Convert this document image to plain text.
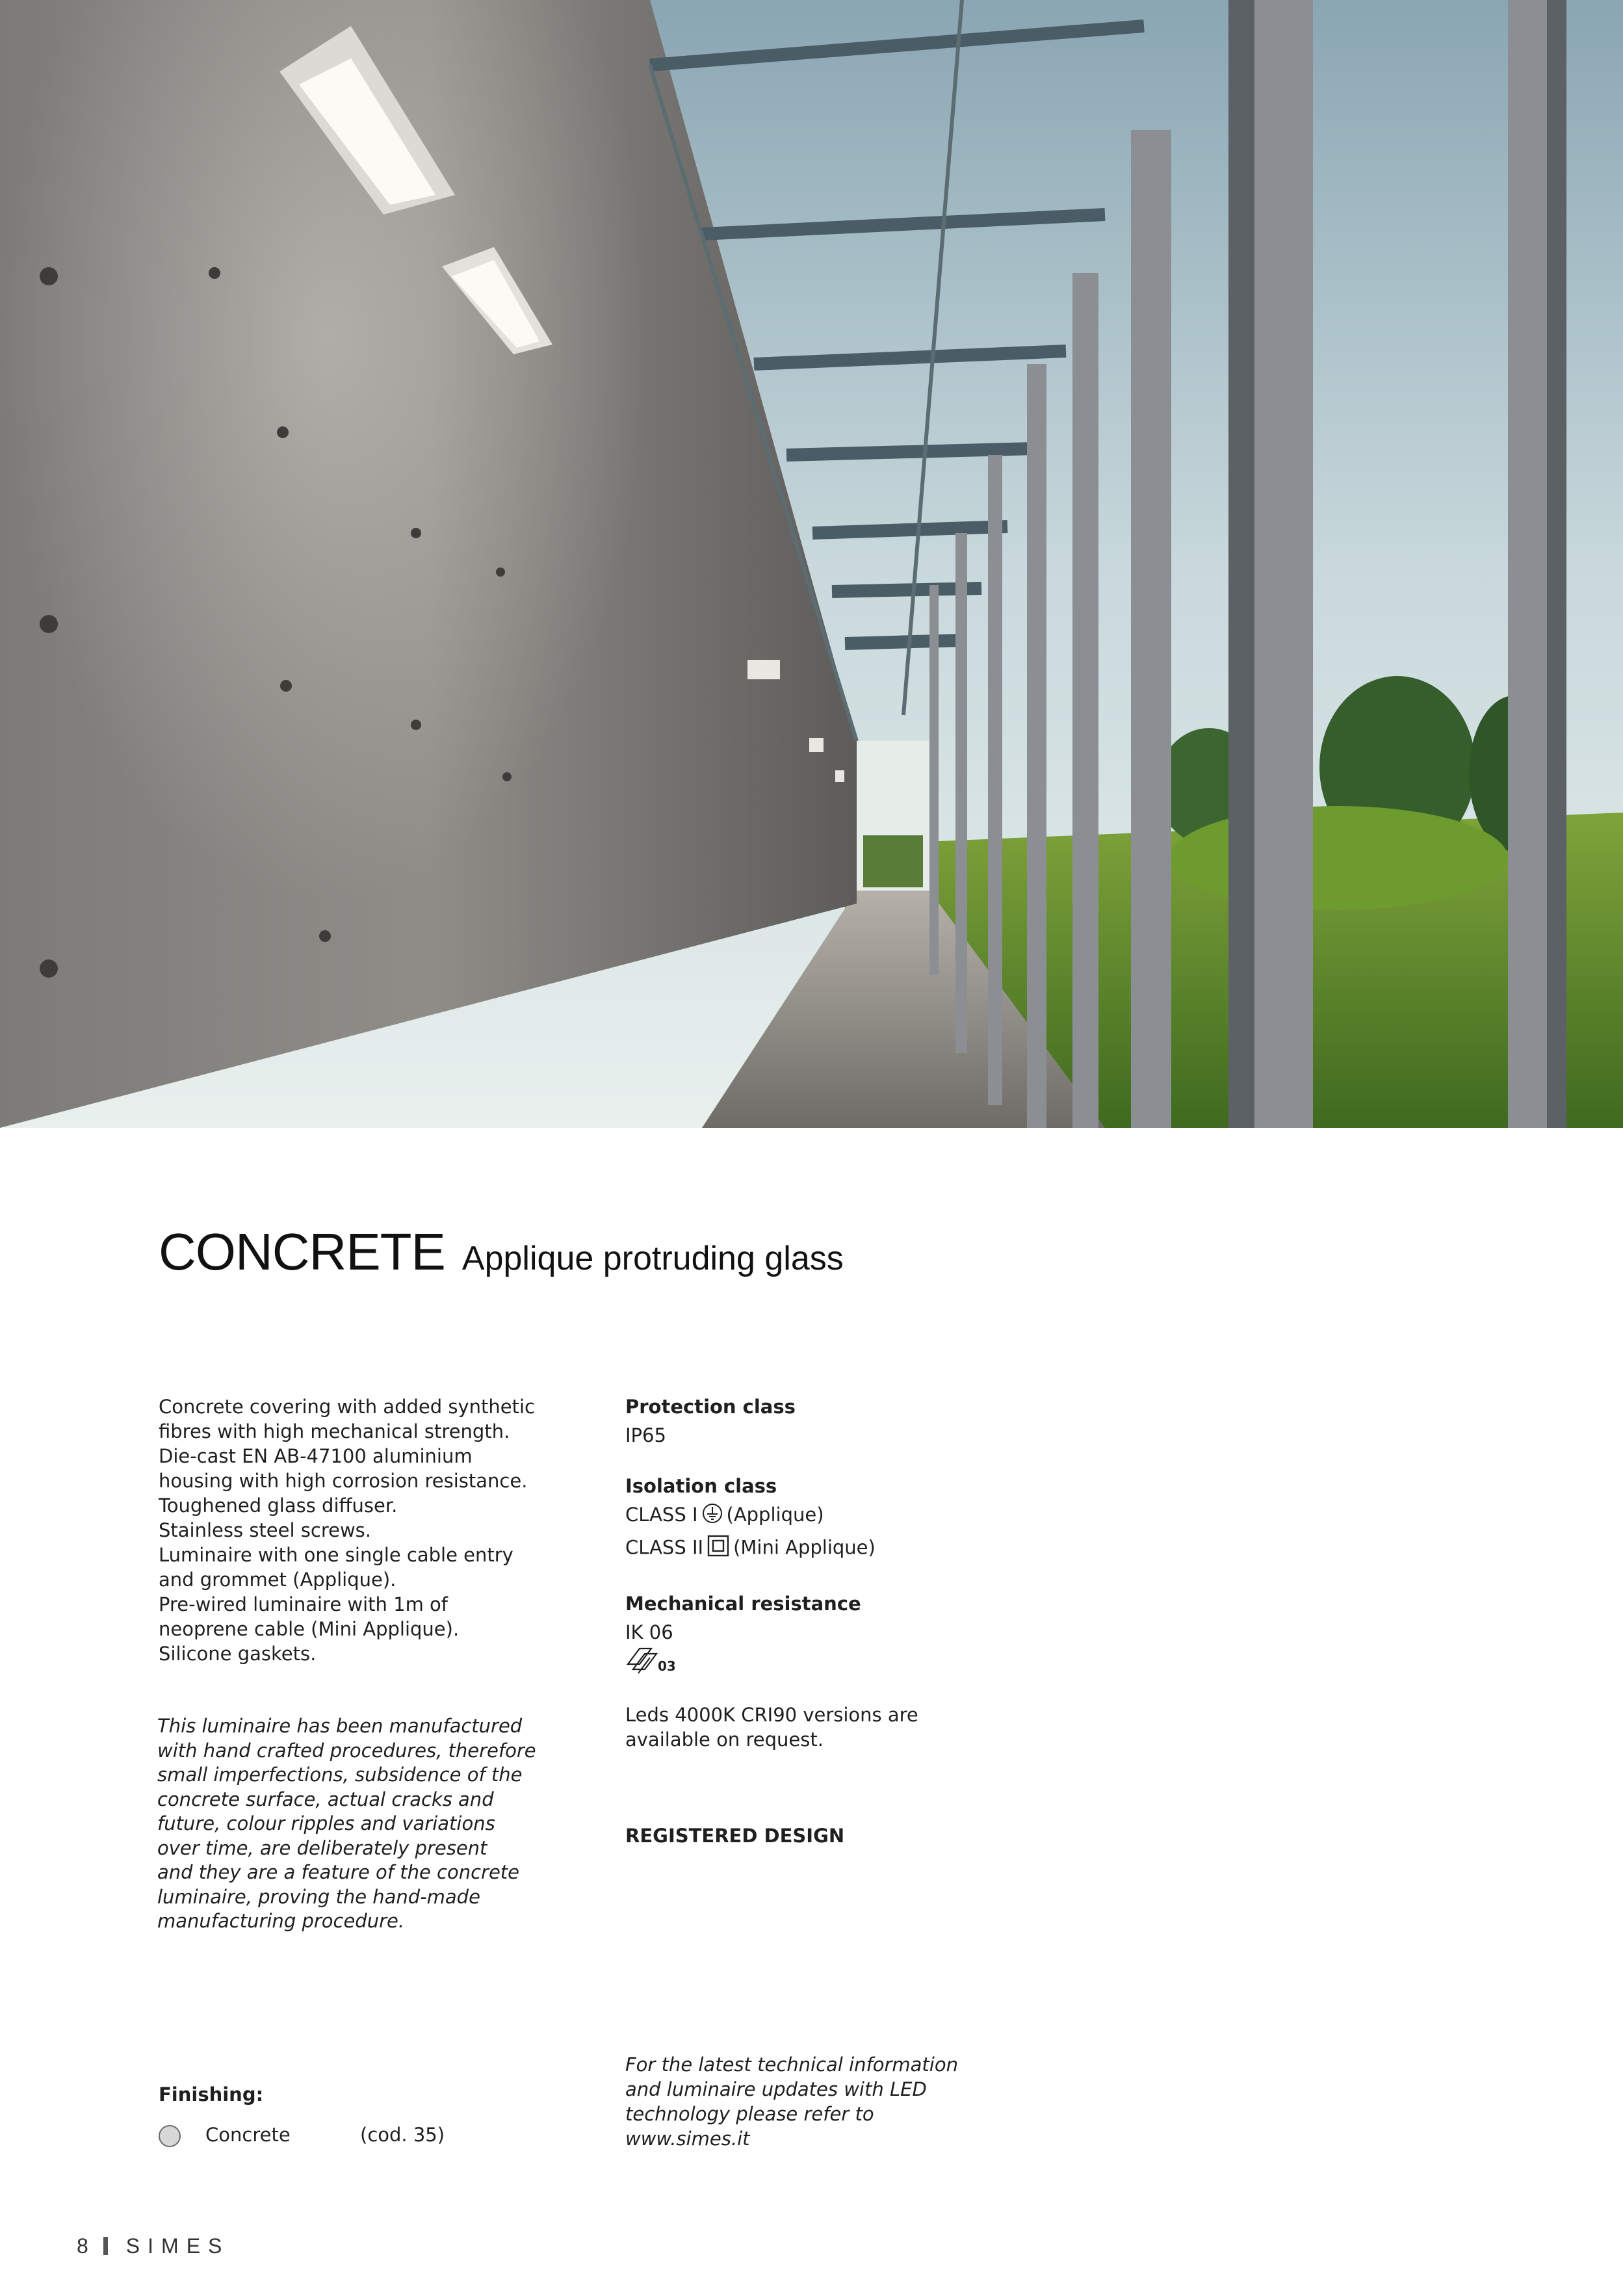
CONCRETE Applique protruding glass
Concrete covering with added synthetic
fibres with high mechanical strength.
Die-cast EN AB-47100 aluminium
housing with high corrosion resistance.
Toughened glass diffuser.
Stainless steel screws.
Luminaire with one single cable entry
and grommet (Applique).
Pre-wired luminaire with 1m of
neoprene cable (Mini Applique).
Silicone gaskets.
This luminaire has been manufactured
with hand crafted procedures, therefore
small imperfections, subsidence of the
concrete surface, actual cracks and
future, colour ripples and variations
over time, are deliberately present
and they are a feature of the concrete
luminaire, proving the hand-made
manufacturing procedure.
Protection class
IP65
Isolation class
CLASS I (Applique)
CLASS II (Mini Applique)
Mechanical resistance
IK 06
03
Leds 4000K CRI90 versions are
available on request.
REGISTERED DESIGN
For the latest technical information
and luminaire updates with LED
technology please refer to
www.simes.it
Finishing:
Concrete	(cod. 35)
8 SIMES
